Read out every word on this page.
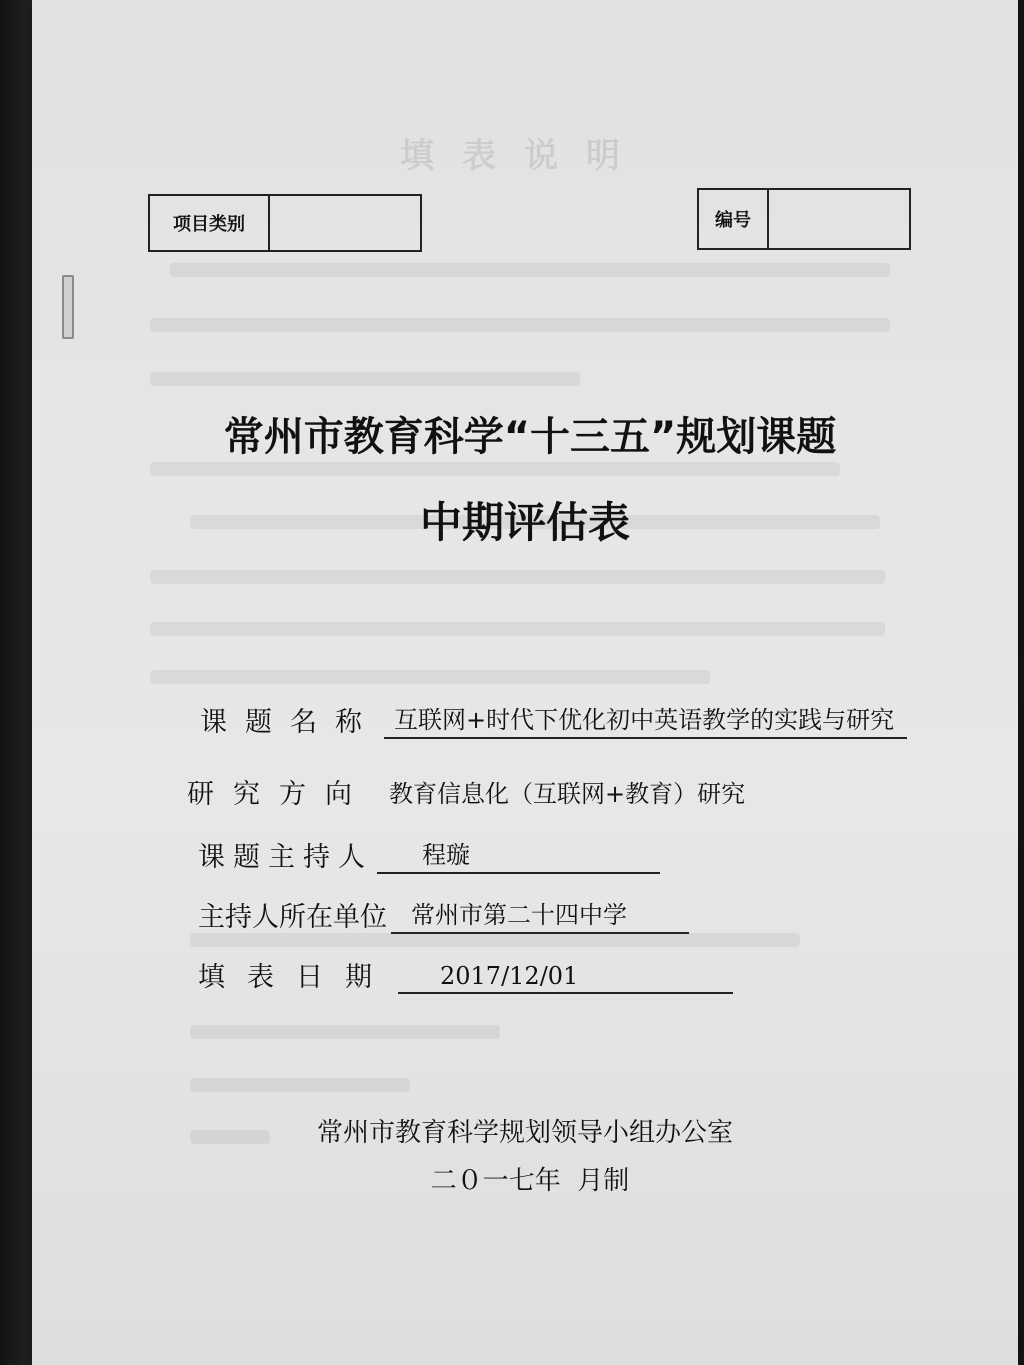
填表说明
项目类别	编号
常州市教育科学“十三五”规划课题
中期评估表
课题名称 互联网+时代下优化初中英语教学的实践与研究
研究方向 教育信息化（互联网+教育）研究
课题主持人	程璇
主持人所在单位	常州市第二十四中学
填表日期	2017/12/01
常州市教育科学规划领导小组办公室
二０一七年  月制
